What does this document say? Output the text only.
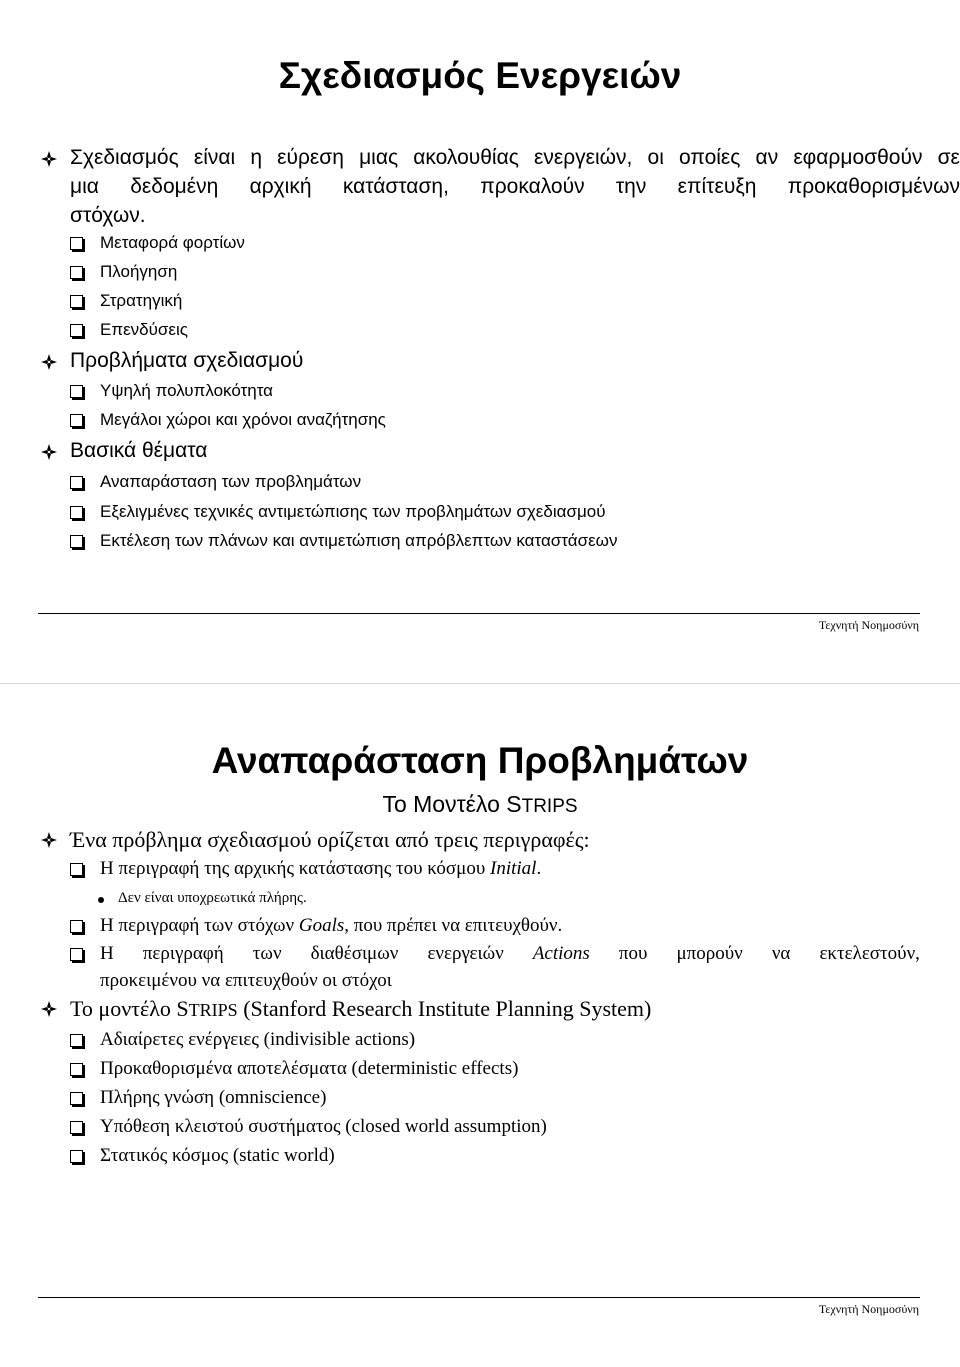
Σχεδιασμός Ενεργειών
Σχεδιασμός είναι η εύρεση μιας ακολουθίας ενεργειών, οι οποίες αν εφαρμοσθούν σε
μια δεδομένη αρχική κατάσταση, προκαλούν την επίτευξη προκαθορισμένων
στόχων.
Μεταφορά φορτίων
Πλοήγηση
Στρατηγική
Επενδύσεις
Προβλήματα σχεδιασμού
Υψηλή πολυπλοκότητα
Μεγάλοι χώροι και χρόνοι αναζήτησης
Βασικά θέματα
Αναπαράσταση των προβλημάτων
Εξελιγμένες τεχνικές αντιμετώπισης των προβλημάτων σχεδιασμού
Εκτέλεση των πλάνων και αντιμετώπιση απρόβλεπτων καταστάσεων
Τεχνητή Νοημοσύνη
Αναπαράσταση Προβλημάτων
Το Μοντέλο STRIPS
Ένα πρόβλημα σχεδιασμού ορίζεται από τρεις περιγραφές:
Η περιγραφή της αρχικής κατάστασης του κόσμου Initial.
Δεν είναι υποχρεωτικά πλήρης.
Η περιγραφή των στόχων Goals, που πρέπει να επιτευχθούν.
Η περιγραφή των διαθέσιμων ενεργειών Actions που μπορούν να εκτελεστούν,
προκειμένου να επιτευχθούν οι στόχοι
Το μοντέλο STRIPS (Stanford Research Institute Planning System)
Αδιαίρετες ενέργειες (indivisible actions)
Προκαθορισμένα αποτελέσματα (deterministic effects)
Πλήρης γνώση (omniscience)
Υπόθεση κλειστού συστήματος (closed world assumption)
Στατικός κόσμος (static world)
Τεχνητή Νοημοσύνη
